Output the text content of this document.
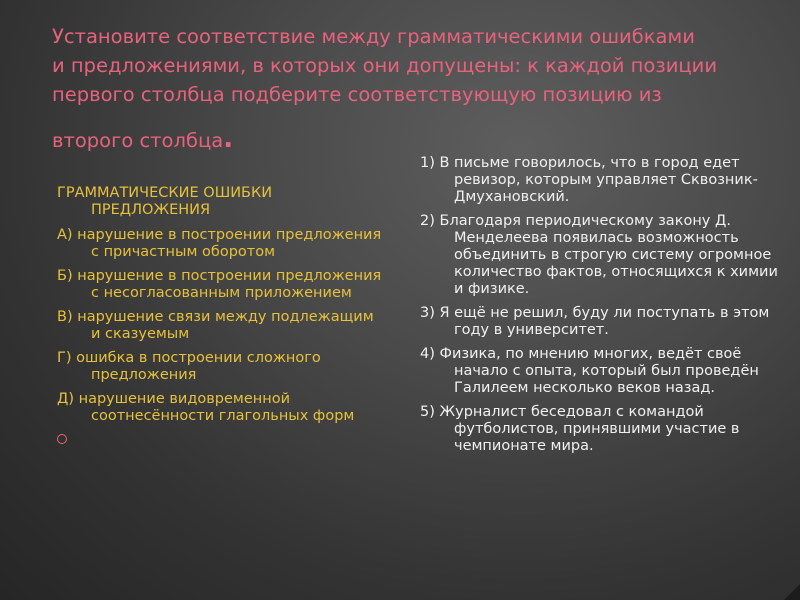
Установите соответствие между грамматическими ошибками
и предложениями, в которых они допущены: к каждой позиции
первого столбца подберите соответствующую позицию из
второго столбца.

ГРАММАТИЧЕСКИЕ ОШИБКИ
ПРЕДЛОЖЕНИЯ

А) нарушение в построении предложения с причастным оборотом

Б) нарушение в построении предложения с несогласованным приложением

В) нарушение связи между подлежащим и сказуемым

Г) ошибка в построении сложного предложения

Д) нарушение видовременной соотнесённости глагольных форм

1) В письме говорилось, что в город едет ревизор, которым управляет Сквозник-Дмухановский.

2) Благодаря периодическому закону Д. Менделеева появилась возможность объединить в строгую систему огромное количество фактов, относящихся к химии и физике.

3) Я ещё не решил, буду ли поступать в этом году в университет.

4) Физика, по мнению многих, ведёт своё начало с опыта, который был проведён Галилеем несколько веков назад.

5) Журналист беседовал с командой футболистов, принявшими участие в чемпионате мира.
